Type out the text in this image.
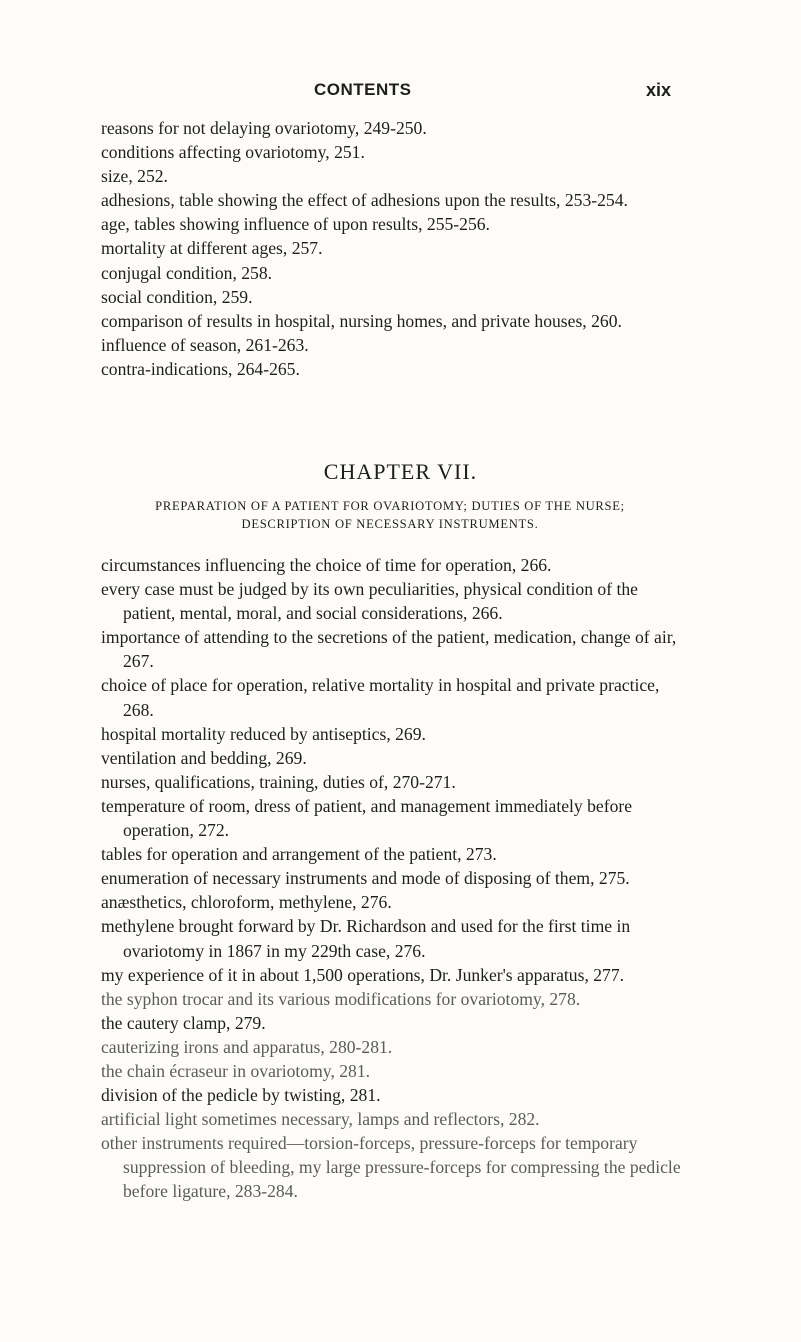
CONTENTS	xix
reasons for not delaying ovariotomy, 249-250.
conditions affecting ovariotomy, 251.
size, 252.
adhesions, table showing the effect of adhesions upon the results, 253-254.
age, tables showing influence of upon results, 255-256.
mortality at different ages, 257.
conjugal condition, 258.
social condition, 259.
comparison of results in hospital, nursing homes, and private houses, 260.
influence of season, 261-263.
contra-indications, 264-265.
CHAPTER VII.
PREPARATION OF A PATIENT FOR OVARIOTOMY; DUTIES OF THE NURSE;
DESCRIPTION OF NECESSARY INSTRUMENTS.
circumstances influencing the choice of time for operation, 266.
every case must be judged by its own peculiarities, physical condition of the patient, mental, moral, and social considerations, 266.
importance of attending to the secretions of the patient, medication, change of air, 267.
choice of place for operation, relative mortality in hospital and private practice, 268.
hospital mortality reduced by antiseptics, 269.
ventilation and bedding, 269.
nurses, qualifications, training, duties of, 270-271.
temperature of room, dress of patient, and management immediately before operation, 272.
tables for operation and arrangement of the patient, 273.
enumeration of necessary instruments and mode of disposing of them, 275.
anæsthetics, chloroform, methylene, 276.
methylene brought forward by Dr. Richardson and used for the first time in ovariotomy in 1867 in my 229th case, 276.
my experience of it in about 1,500 operations, Dr. Junker's apparatus, 277.
the syphon trocar and its various modifications for ovariotomy, 278.
the cautery clamp, 279.
cauterizing irons and apparatus, 280-281.
the chain écraseur in ovariotomy, 281.
division of the pedicle by twisting, 281.
artificial light sometimes necessary, lamps and reflectors, 282.
other instruments required—torsion-forceps, pressure-forceps for temporary suppression of bleeding, my large pressure-forceps for compressing the pedicle before ligature, 283-284.
